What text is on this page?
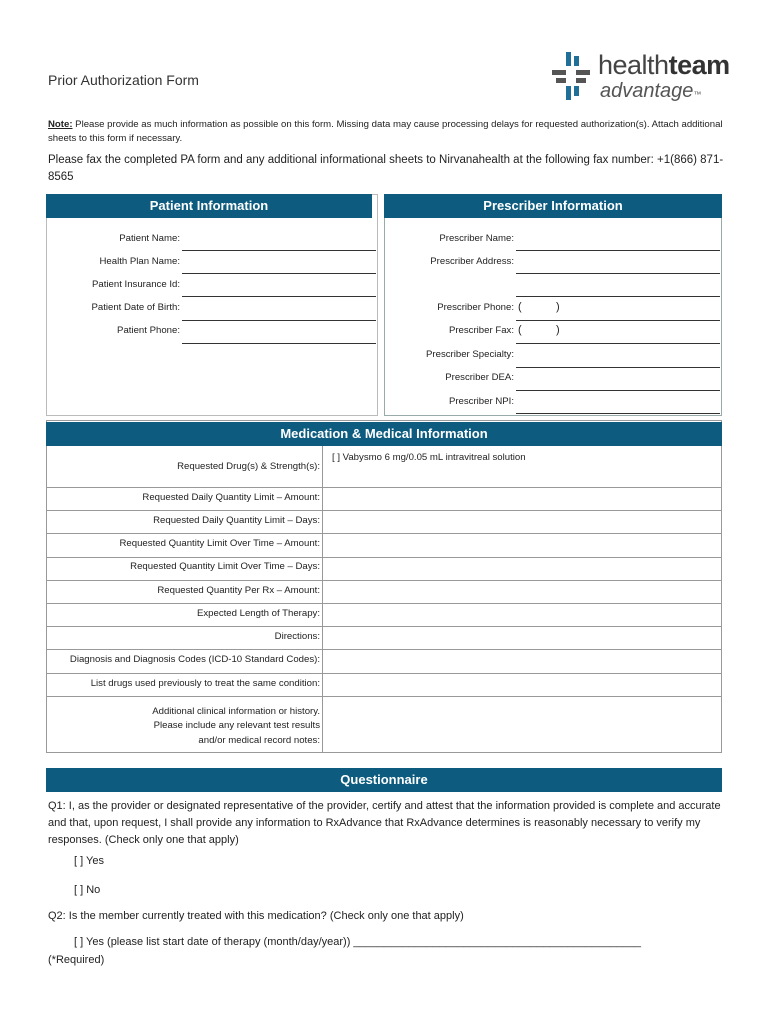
Prior Authorization Form	healthteam
advantage™
Note: Please provide as much information as possible on this form. Missing data may cause processing delays for requested authorization(s). Attach additional sheets to this form if necessary.
Please fax the completed PA form and any additional informational sheets to Nirvanahealth at the following fax number: +1(866) 871-8565
Patient Information	Prescriber Information
Patient Name:
Health Plan Name:
Patient Insurance Id:
Patient Date of Birth:
Patient Phone:
Prescriber Name:
Prescriber Address:
Prescriber Phone: (	)
Prescriber Fax: (	)
Prescriber Specialty:
Prescriber DEA:
Prescriber NPI:
Medication & Medical Information
Requested Drug(s) & Strength(s):
[ ] Vabysmo 6 mg/0.05 mL intravitreal solution
Requested Daily Quantity Limit – Amount:
Requested Daily Quantity Limit – Days:
Requested Quantity Limit Over Time – Amount:
Requested Quantity Limit Over Time – Days:
Requested Quantity Per Rx – Amount:
Expected Length of Therapy:
Directions:
Diagnosis and Diagnosis Codes (ICD-10 Standard Codes):
List drugs used previously to treat the same condition:
Additional clinical information or history.
Please include any relevant test results
and/or medical record notes:
Questionnaire
Q1: I, as the provider or designated representative of the provider, certify and attest that the information provided is complete and accurate and that, upon request, I shall provide any information to RxAdvance that RxAdvance determines is reasonably necessary to verify my responses. (Check only one that apply)
[ ] Yes
[ ] No
Q2: Is the member currently treated with this medication? (Check only one that apply)
[ ] Yes (please list start date of therapy (month/day/year)) _______________________________________________
(*Required)
